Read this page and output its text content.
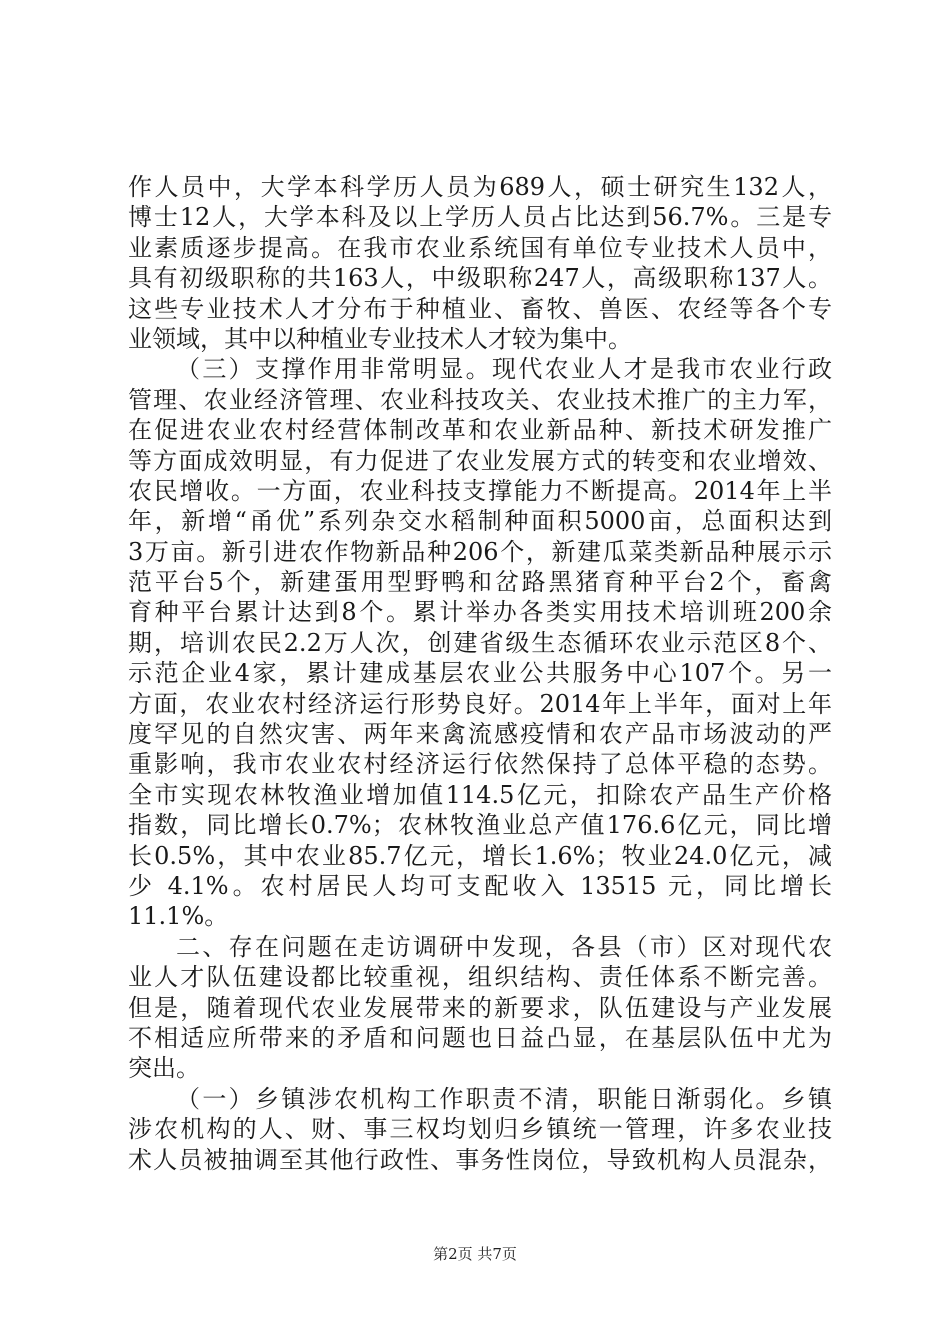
作人员中，大学本科学历人员为689人，硕士研究生132人，
博士12人，大学本科及以上学历人员占比达到56.7%。三是专
业素质逐步提高。在我市农业系统国有单位专业技术人员中，
具有初级职称的共163人，中级职称247人，高级职称137人。
这些专业技术人才分布于种植业、畜牧、兽医、农经等各个专
业领域，其中以种植业专业技术人才较为集中。
（三）支撑作用非常明显。现代农业人才是我市农业行政
管理、农业经济管理、农业科技攻关、农业技术推广的主力军，
在促进农业农村经营体制改革和农业新品种、新技术研发推广
等方面成效明显，有力促进了农业发展方式的转变和农业增效、
农民增收。一方面，农业科技支撑能力不断提高。2014年上半
年，新增“甬优”系列杂交水稻制种面积5000亩，总面积达到
3万亩。新引进农作物新品种206个，新建瓜菜类新品种展示示
范平台5个，新建蛋用型野鸭和岔路黑猪育种平台2个，畜禽
育种平台累计达到8个。累计举办各类实用技术培训班200余
期，培训农民2.2万人次，创建省级生态循环农业示范区8个、
示范企业4家，累计建成基层农业公共服务中心107个。另一
方面，农业农村经济运行形势良好。2014年上半年，面对上年
度罕见的自然灾害、两年来禽流感疫情和农产品市场波动的严
重影响，我市农业农村经济运行依然保持了总体平稳的态势。
全市实现农林牧渔业增加值114.5亿元，扣除农产品生产价格
指数，同比增长0.7%；农林牧渔业总产值176.6亿元，同比增
长0.5%，其中农业85.7亿元，增长1.6%；牧业24.0亿元，减
少 4.1%。农村居民人均可支配收入 13515 元，同比增长
11.1%。
二、存在问题在走访调研中发现，各县（市）区对现代农
业人才队伍建设都比较重视，组织结构、责任体系不断完善。
但是，随着现代农业发展带来的新要求，队伍建设与产业发展
不相适应所带来的矛盾和问题也日益凸显，在基层队伍中尤为
突出。
（一）乡镇涉农机构工作职责不清，职能日渐弱化。乡镇
涉农机构的人、财、事三权均划归乡镇统一管理，许多农业技
术人员被抽调至其他行政性、事务性岗位，导致机构人员混杂，
第2页 共7页
